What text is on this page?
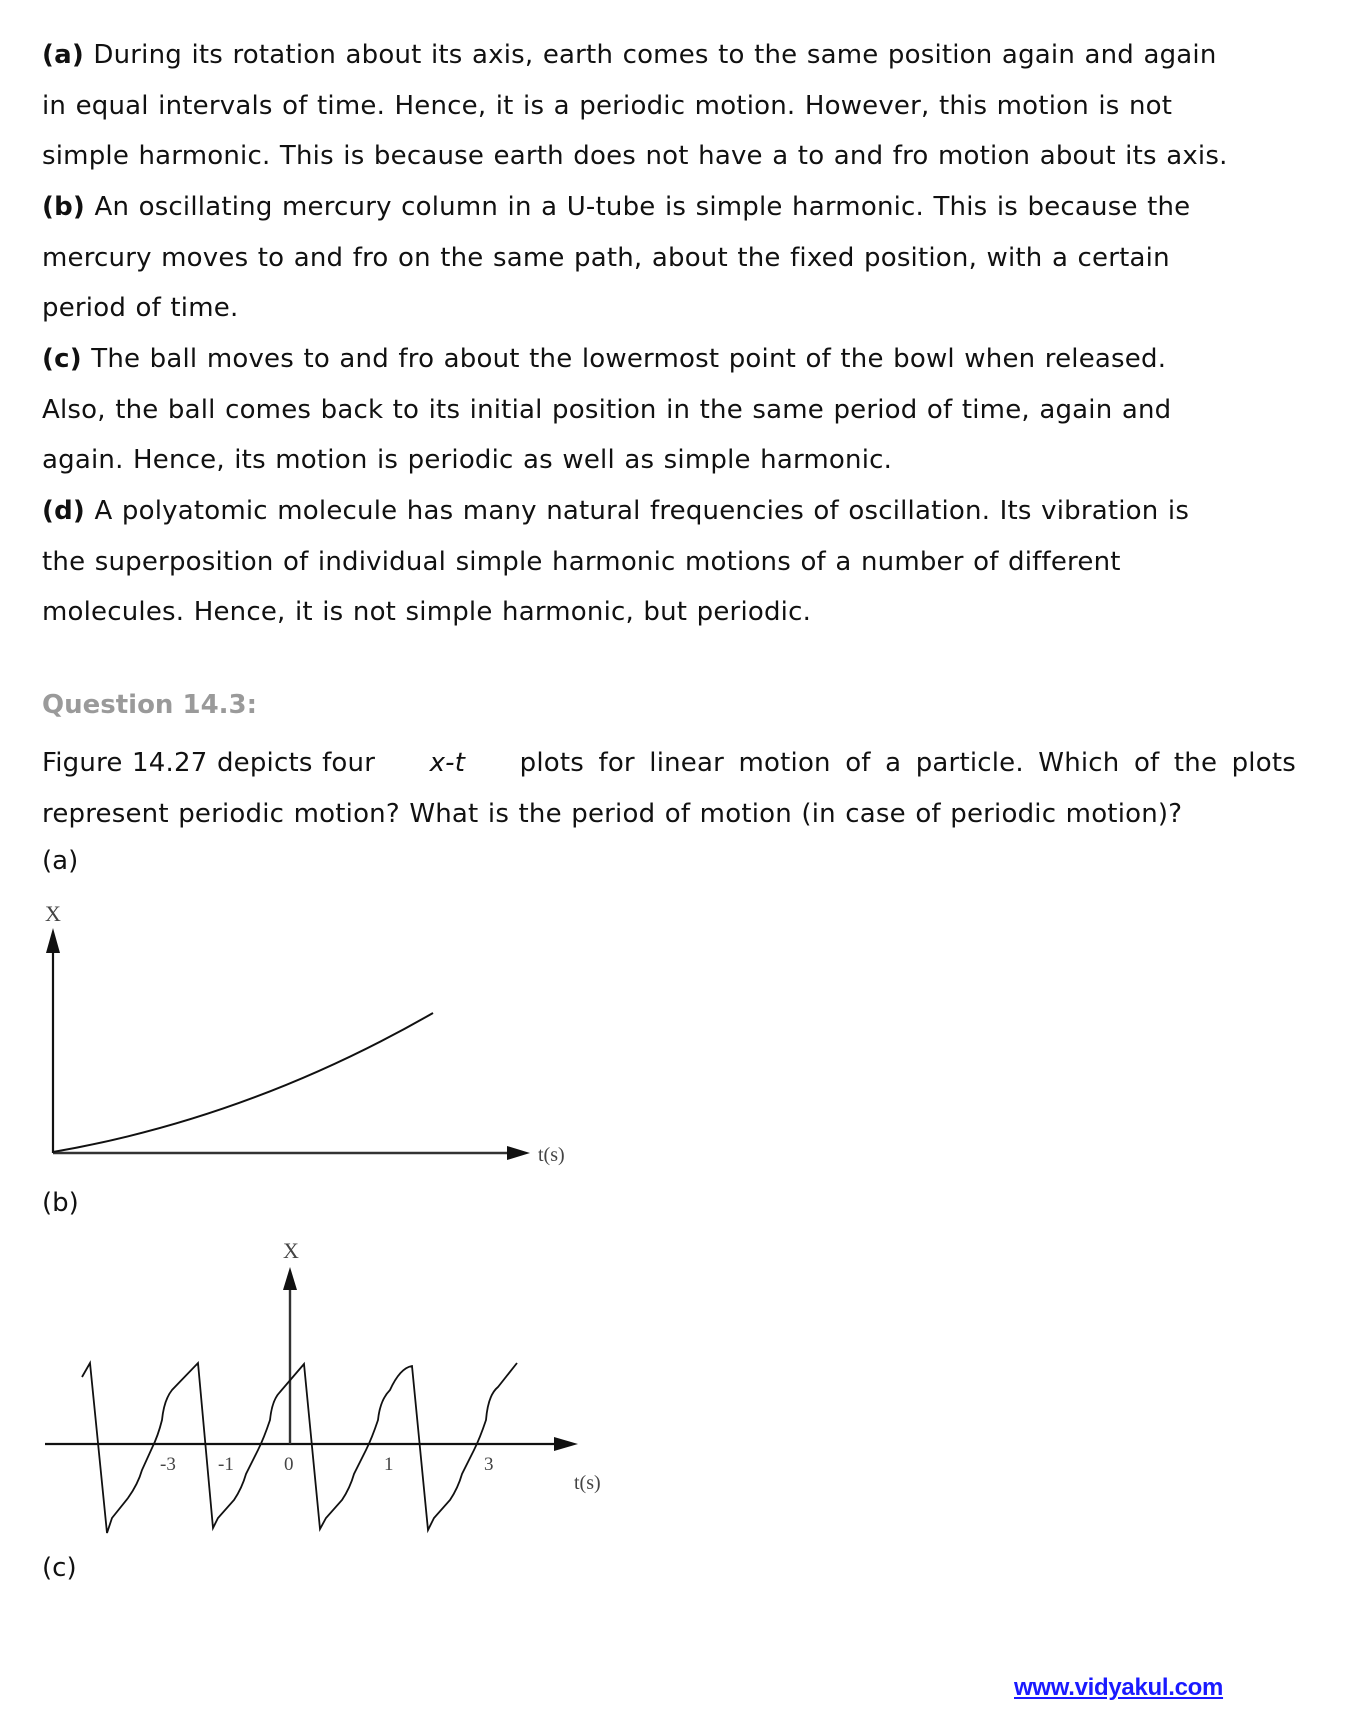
(a) During its rotation about its axis, earth comes to the same position again and again
in equal intervals of time. Hence, it is a periodic motion. However, this motion is not
simple harmonic. This is because earth does not have a to and fro motion about its axis.
(b) An oscillating mercury column in a U-tube is simple harmonic. This is because the
mercury moves to and fro on the same path, about the fixed position, with a certain
period of time.
(c) The ball moves to and fro about the lowermost point of the bowl when released.
Also, the ball comes back to its initial position in the same period of time, again and
again. Hence, its motion is periodic as well as simple harmonic.
(d) A polyatomic molecule has many natural frequencies of oscillation. Its vibration is
the superposition of individual simple harmonic motions of a number of different
molecules. Hence, it is not simple harmonic, but periodic.
Question 14.3:
Figure 14.27 depicts four x-t plots for linear motion of a particle. Which of the plots
represent periodic motion? What is the period of motion (in case of periodic motion)?
(a)
X
t(s)
(b)
X
-3 -1	0	1	3
t(s)
(c)
www.vidyakul.com
